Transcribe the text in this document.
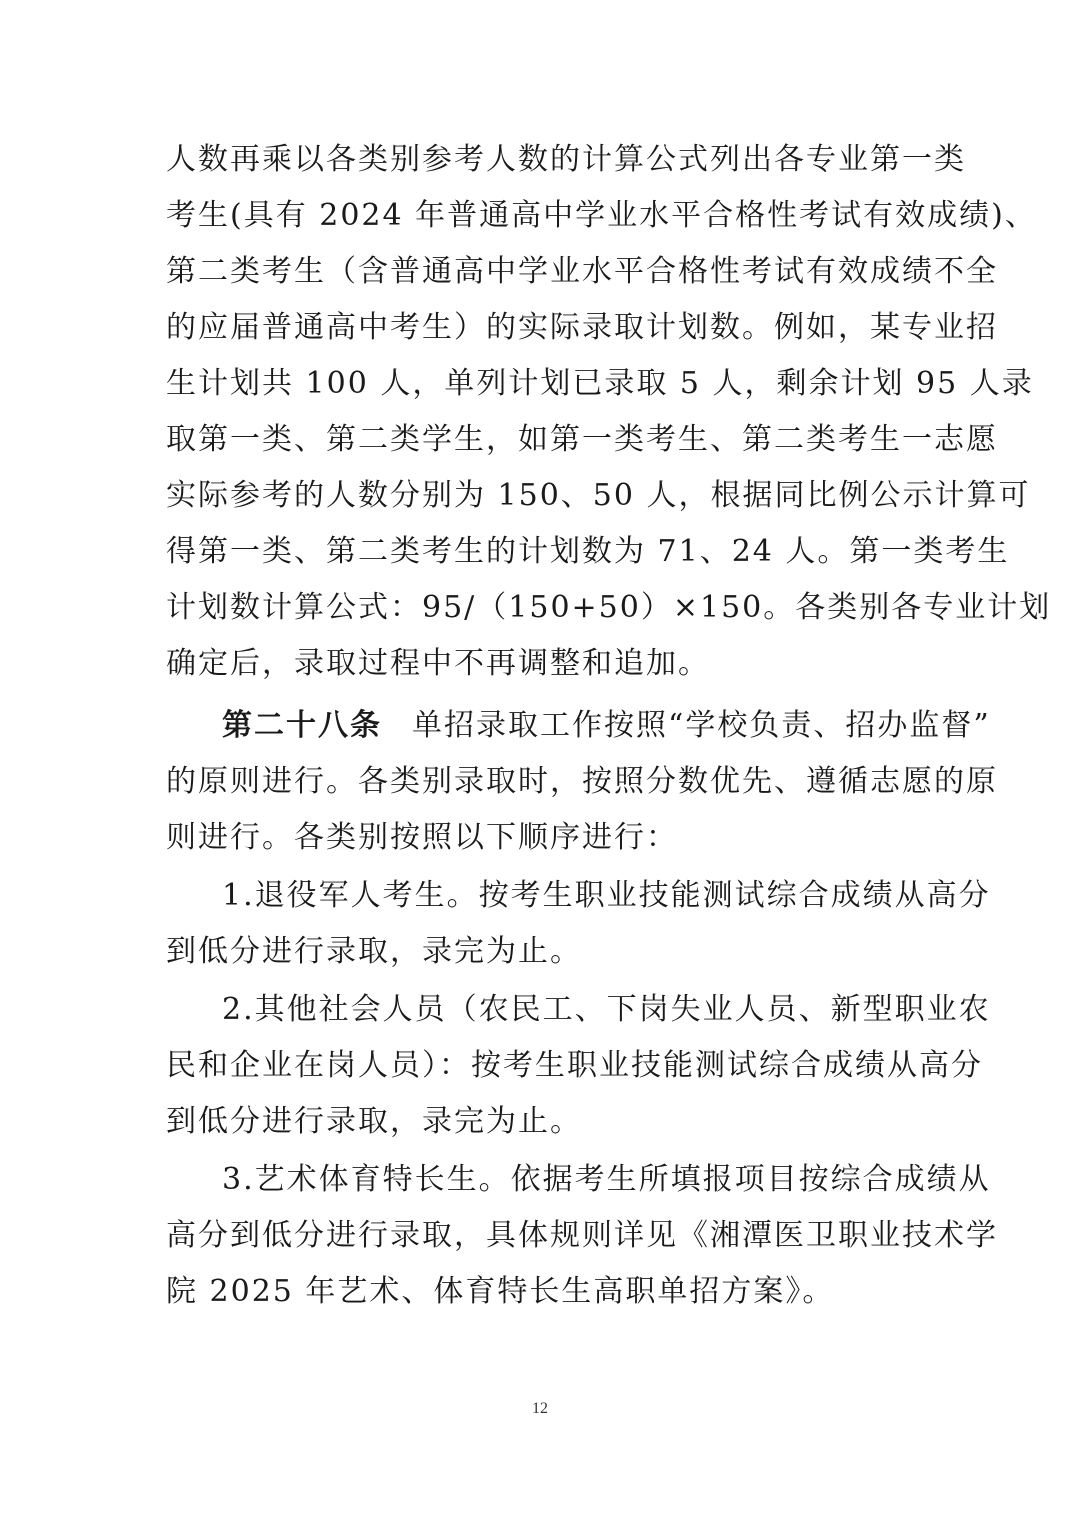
人数再乘以各类别参考人数的计算公式列出各专业第一类
考生(具有 2024 年普通高中学业水平合格性考试有效成绩)、
第二类考生（含普通高中学业水平合格性考试有效成绩不全
的应届普通高中考生）的实际录取计划数。例如，某专业招
生计划共 100 人，单列计划已录取 5 人，剩余计划 95 人录
取第一类、第二类学生，如第一类考生、第二类考生一志愿
实际参考的人数分别为 150、50 人，根据同比例公示计算可
得第一类、第二类考生的计划数为 71、24 人。第一类考生
计划数计算公式：95/（150+50）×150。各类别各专业计划
确定后，录取过程中不再调整和追加。
第二十八条 单招录取工作按照“学校负责、招办监督”
的原则进行。各类别录取时，按照分数优先、遵循志愿的原
则进行。各类别按照以下顺序进行：
1.退役军人考生。按考生职业技能测试综合成绩从高分
到低分进行录取，录完为止。
2.其他社会人员（农民工、下岗失业人员、新型职业农
民和企业在岗人员）：按考生职业技能测试综合成绩从高分
到低分进行录取，录完为止。
3.艺术体育特长生。依据考生所填报项目按综合成绩从
高分到低分进行录取，具体规则详见《湘潭医卫职业技术学
院 2025 年艺术、体育特长生高职单招方案》。
12
